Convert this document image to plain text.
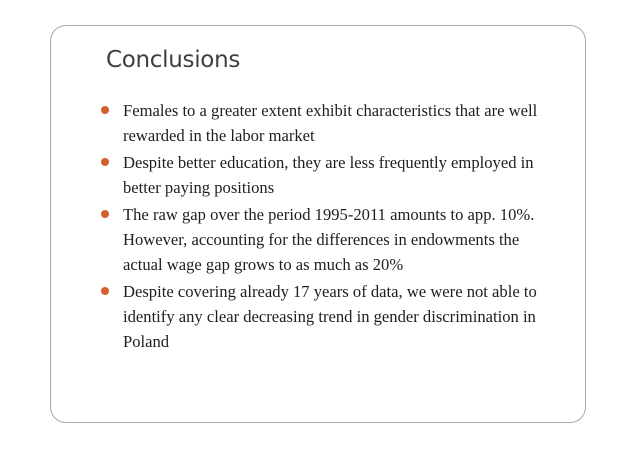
Conclusions
Females to a greater extent exhibit characteristics that are well rewarded in the labor market
Despite better education, they are less frequently employed in better paying positions
The raw gap over the period 1995-2011 amounts to app. 10%. However, accounting for the differences in endowments the actual wage gap grows to as much as 20%
Despite covering already 17 years of data, we were not able to identify any clear decreasing trend in gender discrimination in Poland
